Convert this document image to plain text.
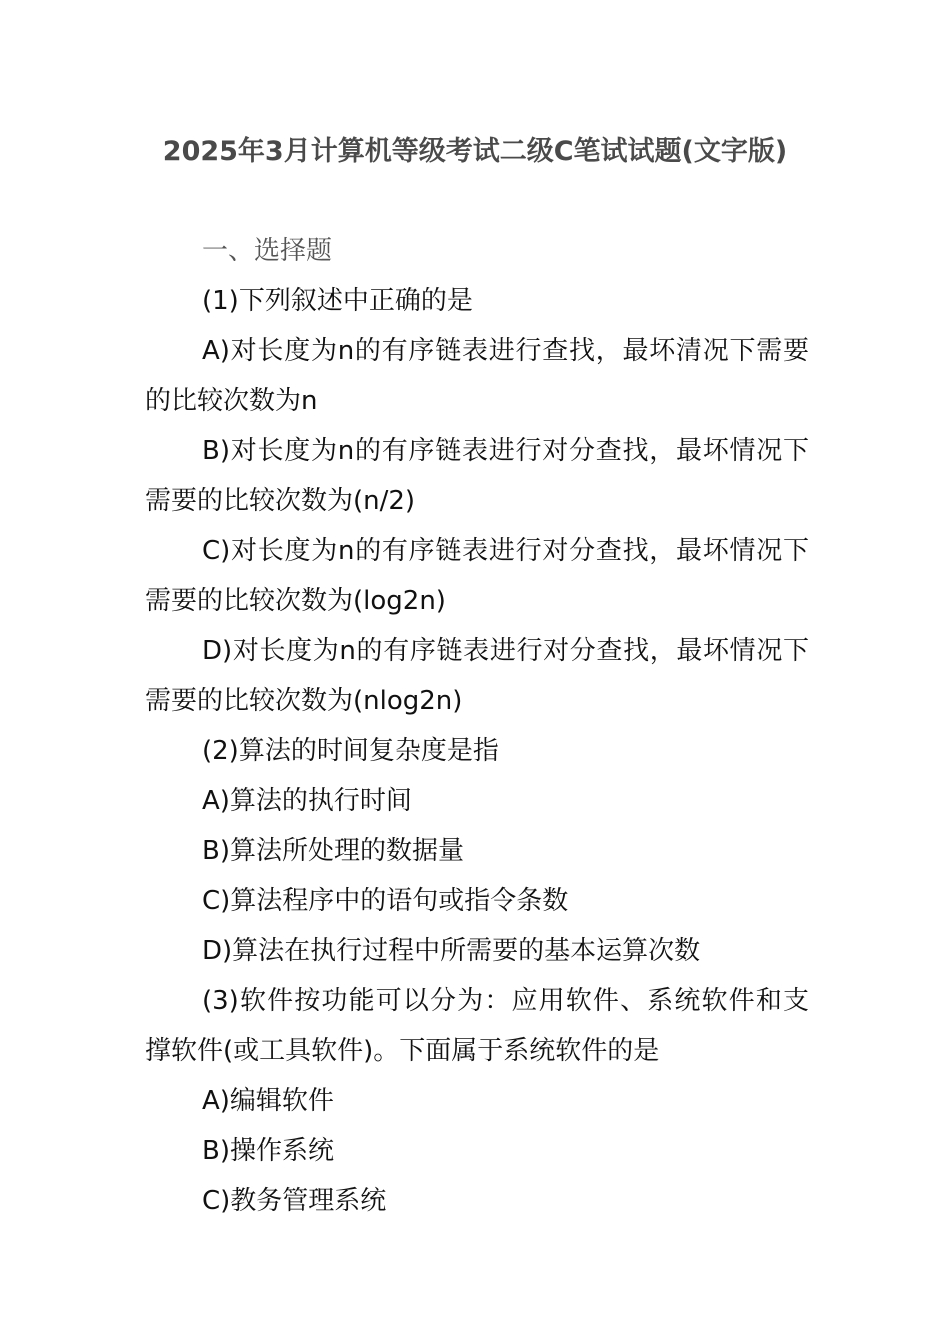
2025年3月计算机等级考试二级C笔试试题(文字版)

一、选择题

(1)下列叙述中正确的是

A)对长度为n的有序链表进行查找，最坏清况下需要的比较次数为n

B)对长度为n的有序链表进行对分查找，最坏情况下需要的比较次数为(n/2)

C)对长度为n的有序链表进行对分查找，最坏情况下需要的比较次数为(log2n)

D)对长度为n的有序链表进行对分查找，最坏情况下需要的比较次数为(nlog2n)

(2)算法的时间复杂度是指

A)算法的执行时间

B)算法所处理的数据量

C)算法程序中的语句或指令条数

D)算法在执行过程中所需要的基本运算次数

(3)软件按功能可以分为：应用软件、系统软件和支撑软件(或工具软件)。下面属于系统软件的是

A)编辑软件

B)操作系统

C)教务管理系统
